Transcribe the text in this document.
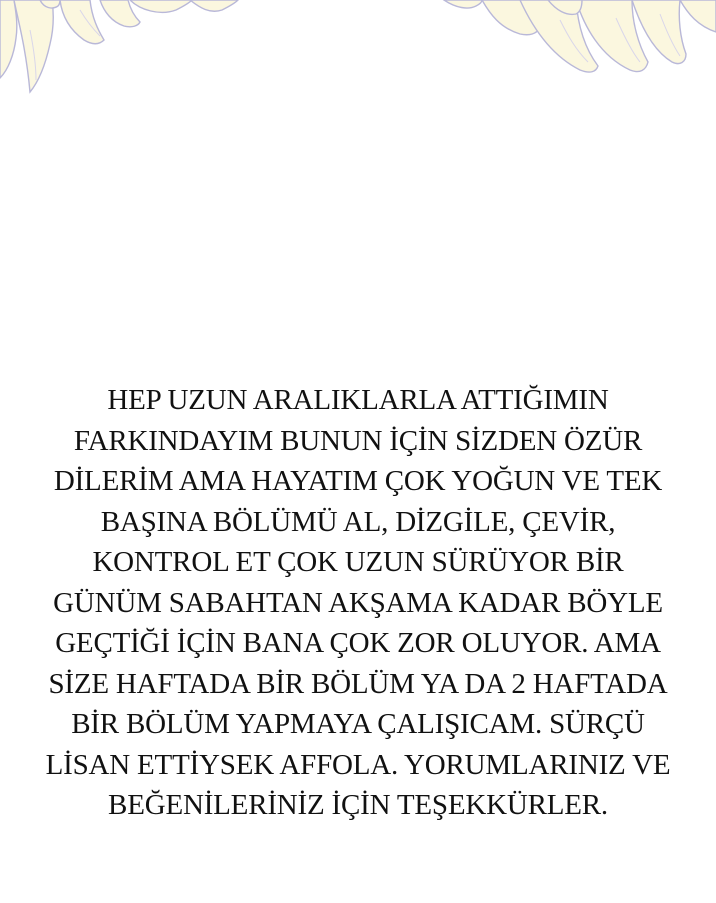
HEP UZUN ARALIKLARLA ATTIĞIMIN
FARKINDAYIM BUNUN İÇİN SİZDEN ÖZÜR
DİLERİM AMA HAYATIM ÇOK YOĞUN VE TEK
BAŞINA BÖLÜMÜ AL, DİZGİLE, ÇEVİR,
KONTROL ET ÇOK UZUN SÜRÜYOR BİR
GÜNÜM SABAHTAN AKŞAMA KADAR BÖYLE
GEÇTİĞİ İÇİN BANA ÇOK ZOR OLUYOR. AMA
SİZE HAFTADA BİR BÖLÜM YA DA 2 HAFTADA
BİR BÖLÜM YAPMAYA ÇALIŞICAM. SÜRÇÜ
LİSAN ETTİYSEK AFFOLA. YORUMLARINIZ VE
BEĞENİLERİNİZ İÇİN TEŞEKKÜRLER.
